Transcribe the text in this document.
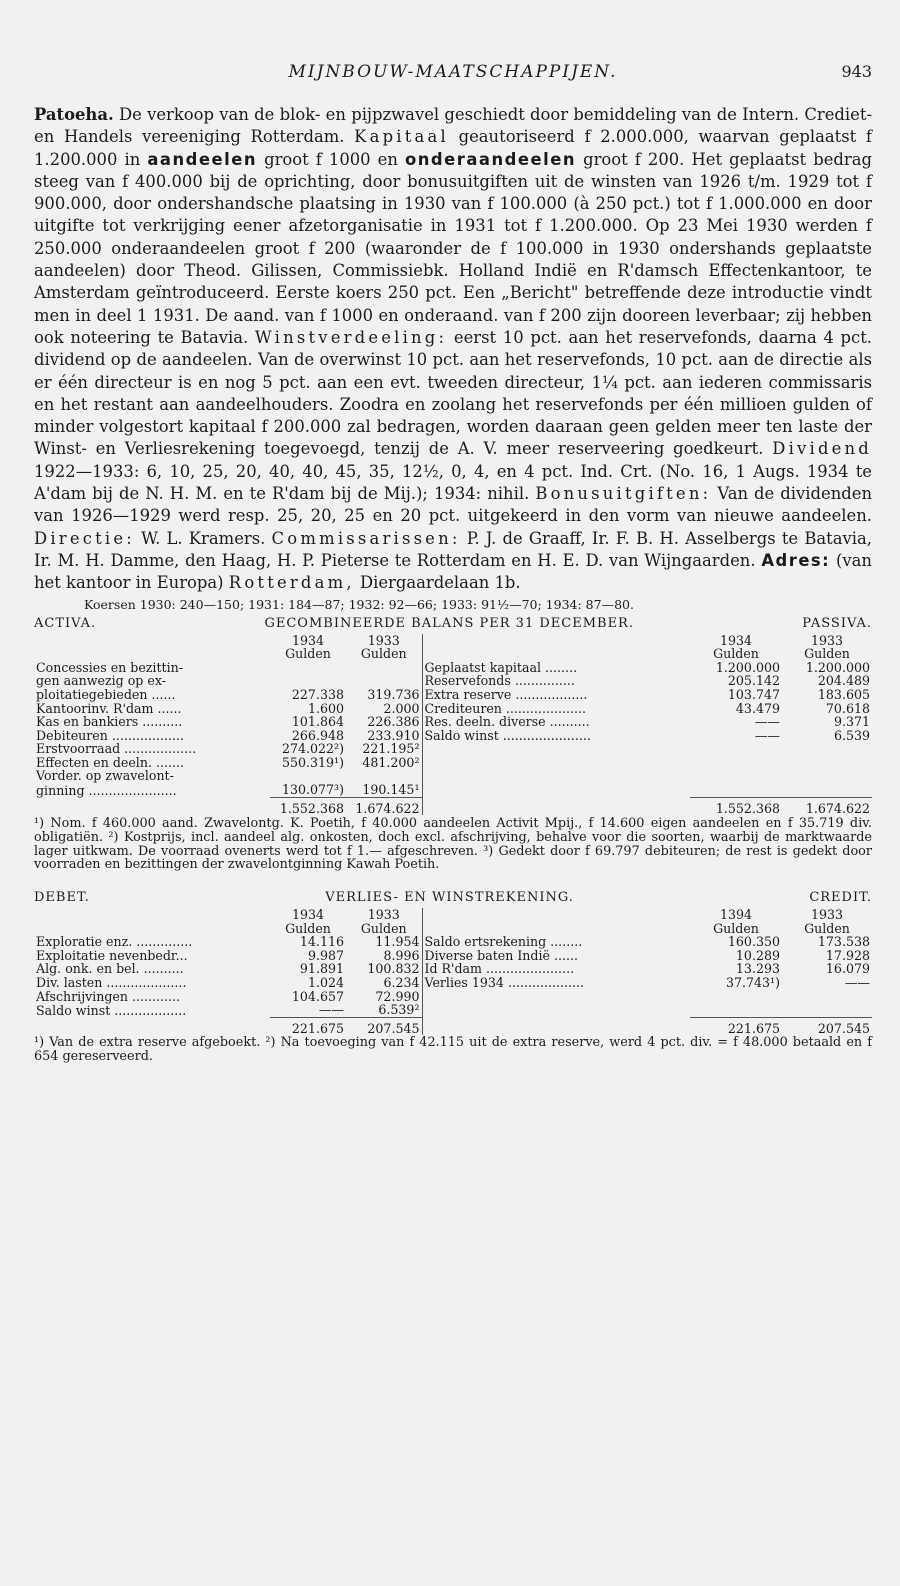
MIJNBOUW-MAATSCHAPPIJEN.	943
Patoeha. De verkoop van de blok- en pijpzwavel geschiedt door bemiddeling van de Intern. Crediet- en Handels vereeniging Rotterdam. Kapitaal geautoriseerd f 2.000.000, waarvan geplaatst f 1.200.000 in aandeelen groot f 1000 en onderaandeelen groot f 200. Het geplaatst bedrag steeg van f 400.000 bij de oprichting, door bonusuitgiften uit de winsten van 1926 t/m. 1929 tot f 900.000, door ondershandsche plaatsing in 1930 van f 100.000 (à 250 pct.) tot f 1.000.000 en door uitgifte tot verkrijging eener afzetorganisatie in 1931 tot f 1.200.000. Op 23 Mei 1930 werden f 250.000 onderaandeelen groot f 200 (waaronder de f 100.000 in 1930 ondershands geplaatste aandeelen) door Theod. Gilissen, Commissiebk. Holland Indië en R'damsch Effectenkantoor, te Amsterdam geïntroduceerd. Eerste koers 250 pct. Een „Bericht" betreffende deze introductie vindt men in deel 1 1931. De aand. van f 1000 en onderaand. van f 200 zijn dooreen leverbaar; zij hebben ook noteering te Batavia. Winstverdeeling: eerst 10 pct. aan het reservefonds, daarna 4 pct. dividend op de aandeelen. Van de overwinst 10 pct. aan het reservefonds, 10 pct. aan de directie als er één directeur is en nog 5 pct. aan een evt. tweeden directeur, 1¼ pct. aan iederen commissaris en het restant aan aandeelhouders. Zoodra en zoolang het reservefonds per één millioen gulden of minder volgestort kapitaal f 200.000 zal bedragen, worden daaraan geen gelden meer ten laste der Winst- en Verliesrekening toegevoegd, tenzij de A. V. meer reserveering goedkeurt. Dividend 1922—1933: 6, 10, 25, 20, 40, 40, 45, 35, 12½, 0, 4, en 4 pct. Ind. Crt. (No. 16, 1 Augs. 1934 te A'dam bij de N. H. M. en te R'dam bij de Mij.); 1934: nihil. Bonusuitgiften: Van de dividenden van 1926—1929 werd resp. 25, 20, 25 en 20 pct. uitgekeerd in den vorm van nieuwe aandeelen. Directie: W. L. Kramers. Commissarissen: P. J. de Graaff, Ir. F. B. H. Asselbergs te Batavia, Ir. M. H. Damme, den Haag, H. P. Pieterse te Rotterdam en H. E. D. van Wijngaarden. Adres: (van het kantoor in Europa) Rotterdam, Diergaardelaan 1b.
Koersen 1930: 240—150; 1931: 184—87; 1932: 92—66; 1933: 91½—70; 1934: 87—80.
ACTIVA.	GECOMBINEERDE BALANS PER 31 DECEMBER.	PASSIVA.
	1934	1933		1934	1933
	Gulden	Gulden		Gulden	Gulden
Concessies en bezittin-			Geplaatst kapitaal ........	1.200.000	1.200.000
gen aanwezig op ex-			Reservefonds ...............	205.142	204.489
ploitatiegebieden ......	227.338	319.736	Extra reserve ..................	103.747	183.605
Kantoorinv. R'dam ......	1.600	2.000	Crediteuren ....................	43.479	70.618
Kas en bankiers ..........	101.864	226.386	Res. deeln. diverse ..........	——	9.371
Debiteuren ..................	266.948	233.910	Saldo winst ......................	——	6.539
Erstvoorraad ..................	274.022²)	221.195²			
Effecten en deeln. .......	550.319¹)	481.200²			
Vorder. op zwavelont-					
ginning ......................	130.077³)	190.145¹			
	1.552.368	1.674.622		1.552.368	1.674.622
¹) Nom. f 460.000 aand. Zwavelontg. K. Poetih, f 40.000 aandeelen Activit Mpij., f 14.600 eigen aandeelen en f 35.719 div. obligatiën. ²) Kostprijs, incl. aandeel alg. onkosten, doch excl. afschrijving, behalve voor die soorten, waarbij de marktwaarde lager uitkwam. De voorraad ovenerts werd tot f 1.— afgeschreven. ³) Gedekt door f 69.797 debiteuren; de rest is gedekt door voorraden en bezittingen der zwavelontginning Kawah Poetih.
DEBET.	VERLIES- EN WINSTREKENING.	CREDIT.
	1934	1933		1394	1933
	Gulden	Gulden		Gulden	Gulden
Exploratie enz. ..............	14.116	11.954	Saldo ertsrekening ........	160.350	173.538
Exploitatie nevenbedr...	9.987	8.996	Diverse baten Indië ......	10.289	17.928
Alg. onk. en bel. ..........	91.891	100.832	Id R'dam ......................	13.293	16.079
Div. lasten ....................	1.024	6.234	Verlies 1934 ...................	37.743¹)	——
Afschrijvingen ............	104.657	72.990			
Saldo winst ..................	——	6.539²			
	221.675	207.545		221.675	207.545
¹) Van de extra reserve afgeboekt. ²) Na toevoeging van f 42.115 uit de extra reserve, werd 4 pct. div. = f 48.000 betaald en f 654 gereserveerd.
